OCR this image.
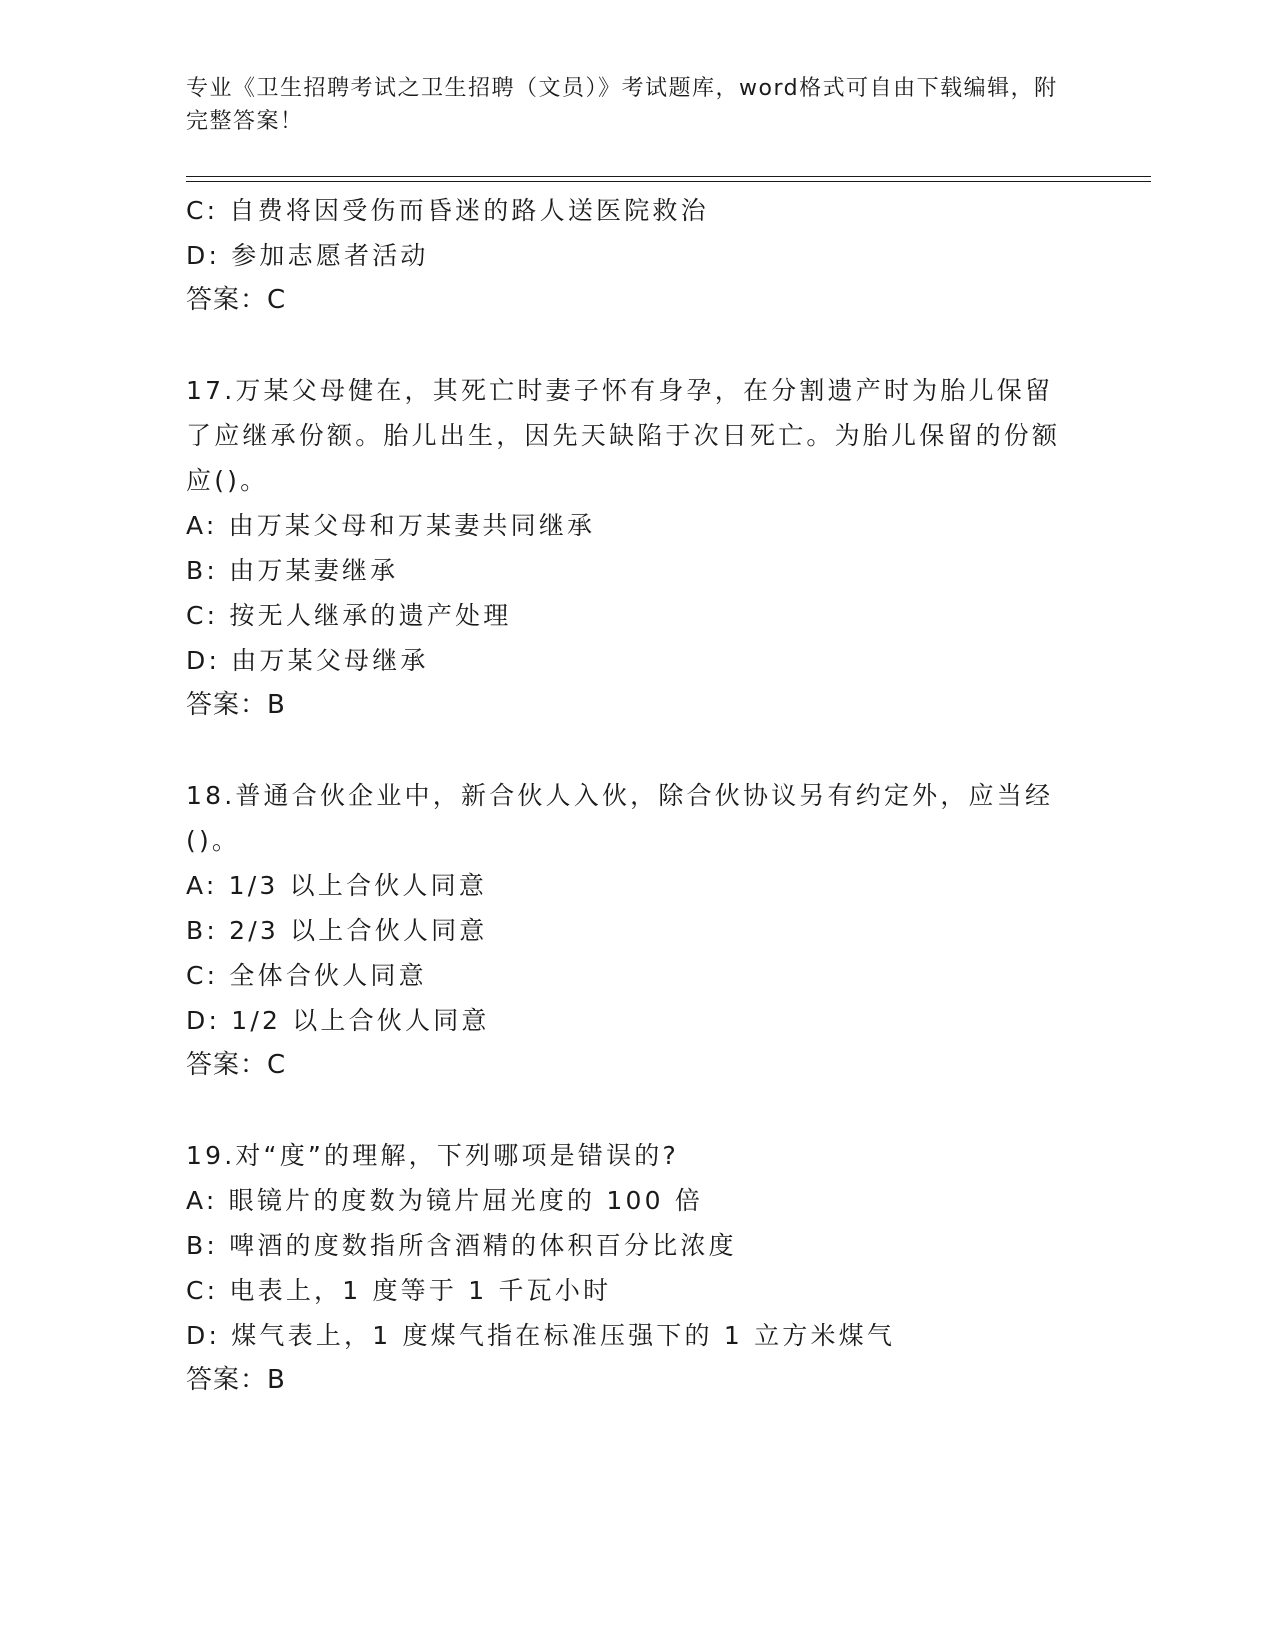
专业《卫生招聘考试之卫生招聘（文员）》考试题库，word格式可自由下载编辑，附完整答案！
C: 自费将因受伤而昏迷的路人送医院救治
D: 参加志愿者活动
答案：C
17.万某父母健在，其死亡时妻子怀有身孕，在分割遗产时为胎儿保留了应继承份额。胎儿出生，因先天缺陷于次日死亡。为胎儿保留的份额应()。
A: 由万某父母和万某妻共同继承
B: 由万某妻继承
C: 按无人继承的遗产处理
D: 由万某父母继承
答案：B
18.普通合伙企业中，新合伙人入伙，除合伙协议另有约定外，应当经()。
A: 1/3 以上合伙人同意
B: 2/3 以上合伙人同意
C: 全体合伙人同意
D: 1/2 以上合伙人同意
答案：C
19.对“度”的理解，下列哪项是错误的?
A: 眼镜片的度数为镜片屈光度的 100 倍
B: 啤酒的度数指所含酒精的体积百分比浓度
C: 电表上，1 度等于 1 千瓦小时
D: 煤气表上，1 度煤气指在标准压强下的 1 立方米煤气
答案：B
